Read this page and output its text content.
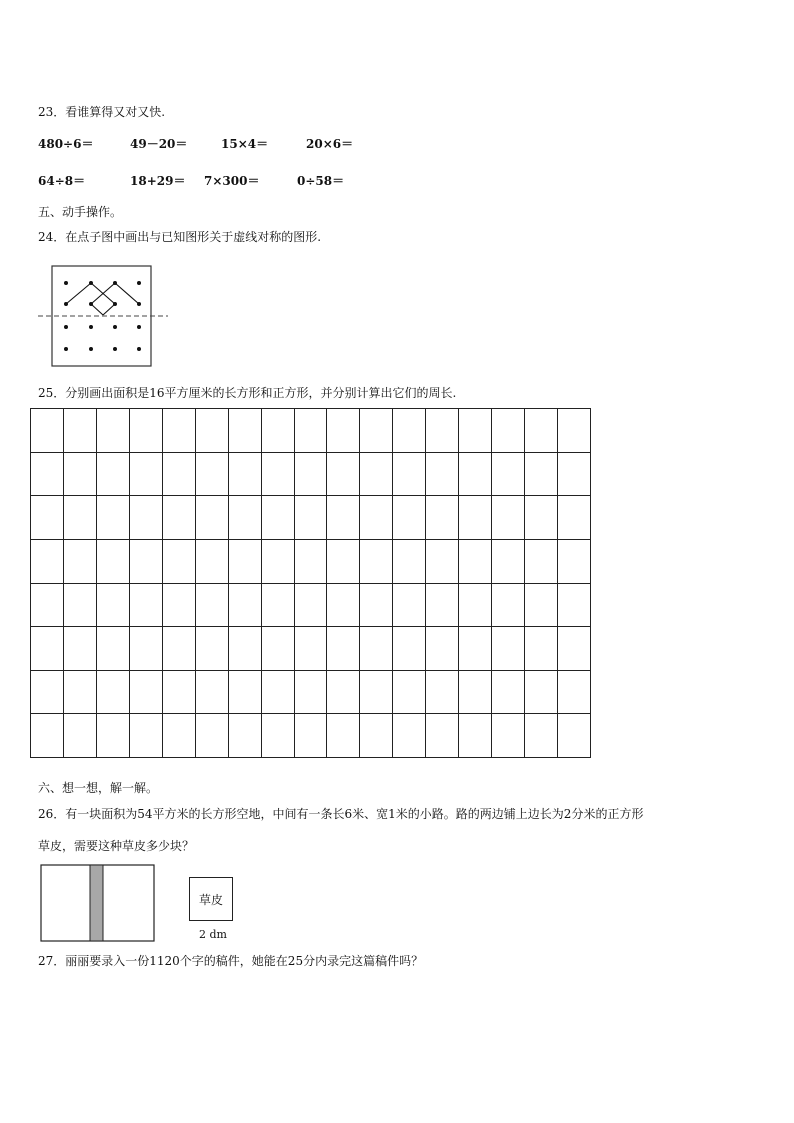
23．看谁算得又对又快.
480÷6＝	49－20＝	15×4＝	20×6＝
64÷8＝	18+29＝ 7×300＝	0÷58＝
五、动手操作。
24．在点子图中画出与已知图形关于虚线对称的图形.
25．分别画出面积是16平方厘米的长方形和正方形，并分别计算出它们的周长.

六、想一想，解一解。
26．有一块面积为54平方米的长方形空地，中间有一条长6米、宽1米的小路。路的两边铺上边长为2分米的正方形
草皮，需要这种草皮多少块？
草皮
2 dm
27．丽丽要录入一份1120个字的稿件，她能在25分内录完这篇稿件吗？
